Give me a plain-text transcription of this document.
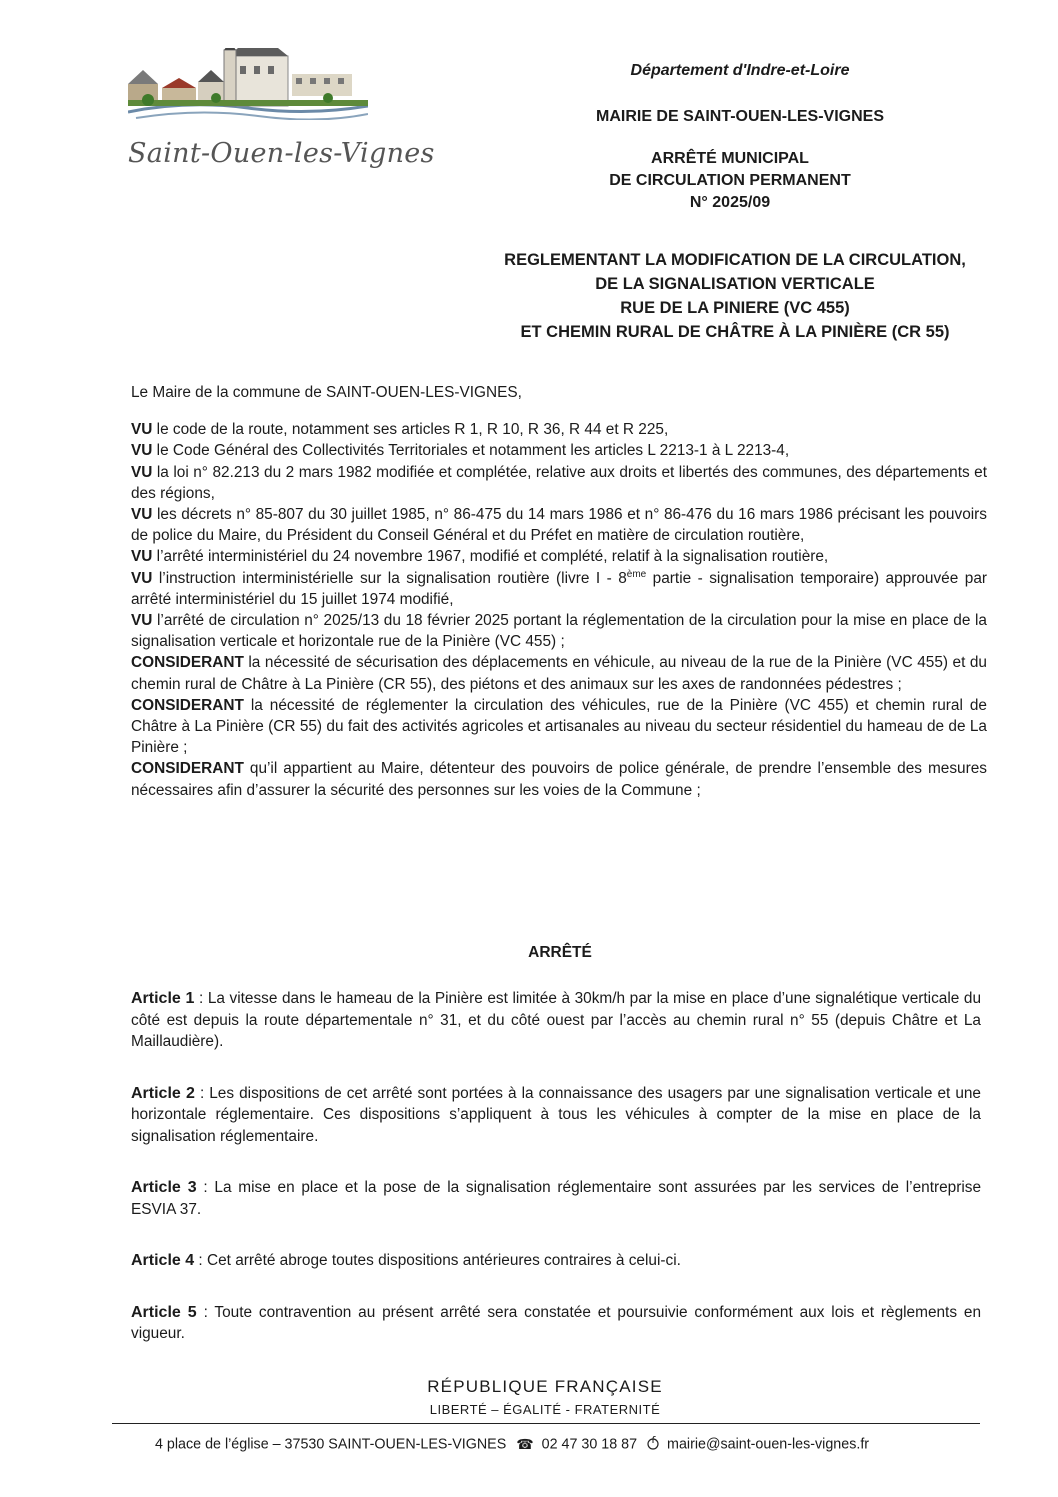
Saint-Ouen-les-Vignes
Département d'Indre-et-Loire
MAIRIE DE SAINT-OUEN-LES-VIGNES
ARRÊTÉ MUNICIPAL
DE CIRCULATION PERMANENT
N° 2025/09
REGLEMENTANT LA MODIFICATION DE LA CIRCULATION,
DE LA SIGNALISATION VERTICALE
RUE DE LA PINIERE (VC 455)
ET CHEMIN RURAL DE CHÂTRE À LA PINIÈRE (CR 55)

Le Maire de la commune de SAINT-OUEN-LES-VIGNES,

VU le code de la route, notamment ses articles R 1, R 10, R 36, R 44 et R 225,

VU le Code Général des Collectivités Territoriales et notamment les articles L 2213-1 à L 2213-4,

VU la loi n° 82.213 du 2 mars 1982 modifiée et complétée, relative aux droits et libertés des communes, des départements et des régions,

VU les décrets n° 85-807 du 30 juillet 1985, n° 86-475 du 14 mars 1986 et n° 86-476 du 16 mars 1986 précisant les pouvoirs de police du Maire, du Président du Conseil Général et du Préfet en matière de circulation routière,

VU l’arrêté interministériel du 24 novembre 1967, modifié et complété, relatif à la signalisation routière,

VU l’instruction interministérielle sur la signalisation routière (livre I - 8ème partie - signalisation temporaire) approuvée par arrêté interministériel du 15 juillet 1974 modifié,

VU l’arrêté de circulation n° 2025/13 du 18 février 2025 portant la réglementation de la circulation pour la mise en place de la signalisation verticale et horizontale rue de la Pinière (VC 455) ;

CONSIDERANT la nécessité de sécurisation des déplacements en véhicule, au niveau de la rue de la Pinière (VC 455) et du chemin rural de Châtre à La Pinière (CR 55), des piétons et des animaux sur les axes de randonnées pédestres ;

CONSIDERANT la nécessité de réglementer la circulation des véhicules, rue de la Pinière (VC 455) et chemin rural de Châtre à La Pinière (CR 55) du fait des activités agricoles et artisanales au niveau du secteur résidentiel du hameau de de La Pinière ;

CONSIDERANT qu’il appartient au Maire, détenteur des pouvoirs de police générale, de prendre l’ensemble des mesures nécessaires afin d’assurer la sécurité des personnes sur les voies de la Commune ;

ARRÊTÉ

Article 1 : La vitesse dans le hameau de la Pinière est limitée à 30km/h par la mise en place d’une signalétique verticale du côté est depuis la route départementale n° 31, et du côté ouest par l’accès au chemin rural n° 55 (depuis Châtre et La Maillaudière).

Article 2 : Les dispositions de cet arrêté sont portées à la connaissance des usagers par une signalisation verticale et une horizontale réglementaire. Ces dispositions s’appliquent à tous les véhicules à compter de la mise en place de la signalisation réglementaire.

Article 3 : La mise en place et la pose de la signalisation réglementaire sont assurées par les services de l’entreprise ESVIA 37.

Article 4 : Cet arrêté abroge toutes dispositions antérieures contraires à celui-ci.

Article 5 : Toute contravention au présent arrêté sera constatée et poursuivie conformément aux lois et règlements en vigueur.

RÉPUBLIQUE FRANÇAISE
LIBERTÉ – ÉGALITÉ - FRATERNITÉ
4 place de l’église – 37530 SAINT-OUEN-LES-VIGNES ☎ 02 47 30 18 87 mairie@saint-ouen-les-vignes.fr
